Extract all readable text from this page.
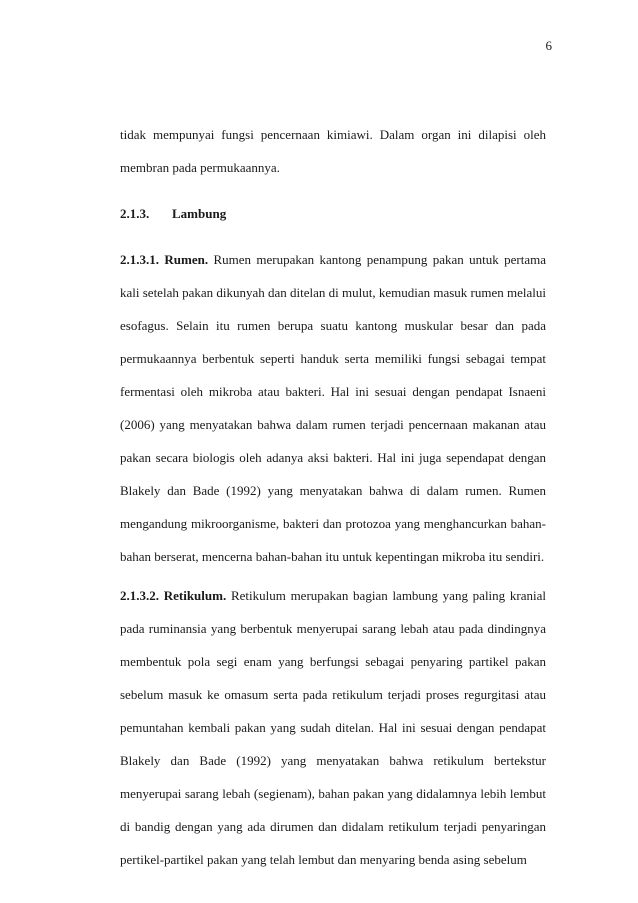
6

tidak mempunyai fungsi pencernaan kimiawi. Dalam organ ini dilapisi oleh membran pada permukaannya.

2.1.3. Lambung

2.1.3.1. Rumen. Rumen merupakan kantong penampung pakan untuk pertama kali setelah pakan dikunyah dan ditelan di mulut, kemudian masuk rumen melalui esofagus. Selain itu rumen berupa suatu kantong muskular besar dan pada permukaannya berbentuk seperti handuk serta memiliki fungsi sebagai tempat fermentasi oleh mikroba atau bakteri. Hal ini sesuai dengan pendapat Isnaeni (2006) yang menyatakan bahwa dalam rumen terjadi pencernaan makanan atau pakan secara biologis oleh adanya aksi bakteri. Hal ini juga sependapat dengan Blakely dan Bade (1992) yang menyatakan bahwa di dalam rumen. Rumen mengandung mikroorganisme, bakteri dan protozoa yang menghancurkan bahan-bahan berserat, mencerna bahan-bahan itu untuk kepentingan mikroba itu sendiri.

2.1.3.2. Retikulum. Retikulum merupakan bagian lambung yang paling kranial pada ruminansia yang berbentuk menyerupai sarang lebah atau pada dindingnya membentuk pola segi enam yang berfungsi sebagai penyaring partikel pakan sebelum masuk ke omasum serta pada retikulum terjadi proses regurgitasi atau pemuntahan kembali pakan yang sudah ditelan. Hal ini sesuai dengan pendapat Blakely dan Bade (1992) yang menyatakan bahwa retikulum bertekstur menyerupai sarang lebah (segienam), bahan pakan yang didalamnya lebih lembut di bandig dengan yang ada dirumen dan didalam retikulum terjadi penyaringan pertikel-partikel pakan yang telah lembut dan menyaring benda asing sebelum
